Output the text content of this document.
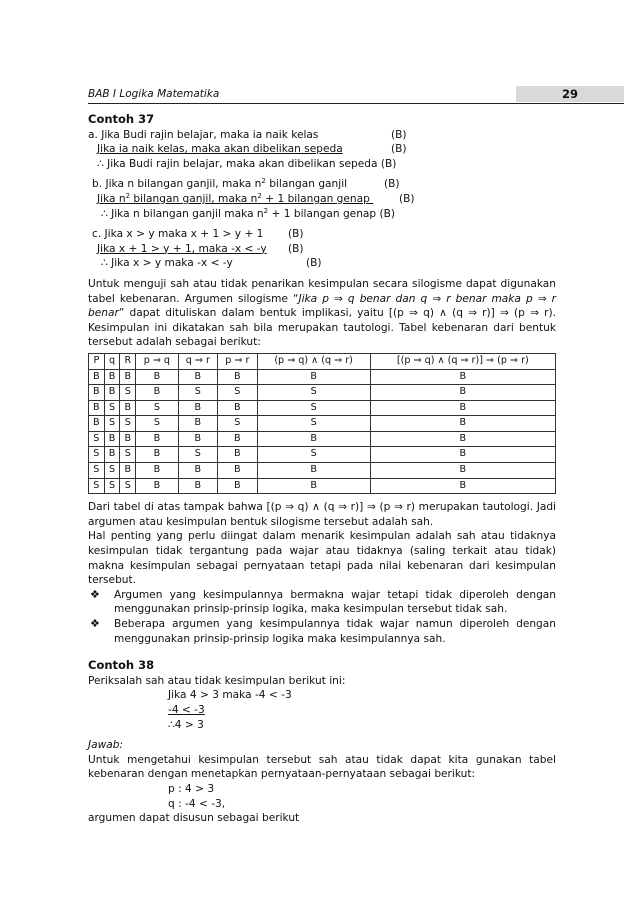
BAB I Logika Matematika	29
Contoh 37
a. Jika Budi rajin belajar, maka ia naik kelas	(B)
Jika ia naik kelas, maka akan dibelikan sepeda	(B)
∴ Jika Budi rajin belajar, maka akan dibelikan sepeda (B)
b. Jika n bilangan ganjil, maka $n^2$ bilangan ganjil	(B)
Jika $n^2$ bilangan ganjil, maka $n^2 + 1$ bilangan genap	(B)
∴ Jika n bilangan ganjil maka $n^2 + 1$ bilangan genap (B)
c. Jika x > y maka x + 1 > y + 1 (B)
Jika x + 1 > y + 1, maka -x < -y (B)
∴ Jika x > y maka -x < -y	(B)

Untuk menguji sah atau tidak penarikan kesimpulan secara silogisme dapat digunakan tabel kebenaran. Argumen silogisme “Jika p ⇒ q benar dan q ⇒ r benar maka p ⇒ r benar” dapat dituliskan dalam bentuk implikasi, yaitu [(p ⇒ q) ∧ (q ⇒ r)] ⇒ (p ⇒ r). Kesimpulan ini dikatakan sah bila merupakan tautologi. Tabel kebenaran dari bentuk tersebut adalah sebagai berikut:

P	q	R	p ⇒ q	q ⇒ r	p ⇒ r	(p ⇒ q) ∧ (q ⇒ r)	[(p ⇒ q) ∧ (q ⇒ r)] ⇒ (p ⇒ r)
B	B	B	B	B	B	B	B
B	B	S	B	S	S	S	B
B	S	B	S	B	B	S	B
B	S	S	S	B	S	S	B
S	B	B	B	B	B	B	B
S	B	S	B	S	B	S	B
S	S	B	B	B	B	B	B
S	S	S	B	B	B	B	B

Dari tabel di atas tampak bahwa [(p ⇒ q) ∧ (q ⇒ r)] ⇒ (p ⇒ r) merupakan tautologi. Jadi argumen atau kesimpulan bentuk silogisme tersebut adalah sah.

Hal penting yang perlu diingat dalam menarik kesimpulan adalah sah atau tidaknya kesimpulan tidak tergantung pada wajar atau tidaknya (saling terkait atau tidak) makna kesimpulan sebagai pernyataan tetapi pada nilai kebenaran dari kesimpulan tersebut.

❖ Argumen yang kesimpulannya bermakna wajar tetapi tidak diperoleh dengan menggunakan prinsip-prinsip logika, maka kesimpulan tersebut tidak sah.
❖ Beberapa argumen yang kesimpulannya tidak wajar namun diperoleh dengan menggunakan prinsip-prinsip logika maka kesimpulannya sah.
Contoh 38

Periksalah sah atau tidak kesimpulan berikut ini:

Jika 4 > 3 maka -4 < -3
-4 < -3
∴4 > 3

Jawab:

Untuk mengetahui kesimpulan tersebut sah atau tidak dapat kita gunakan tabel kebenaran dengan menetapkan pernyataan-pernyataan sebagai berikut:

p : 4 > 3
q : -4 < -3,

argumen dapat disusun sebagai berikut
